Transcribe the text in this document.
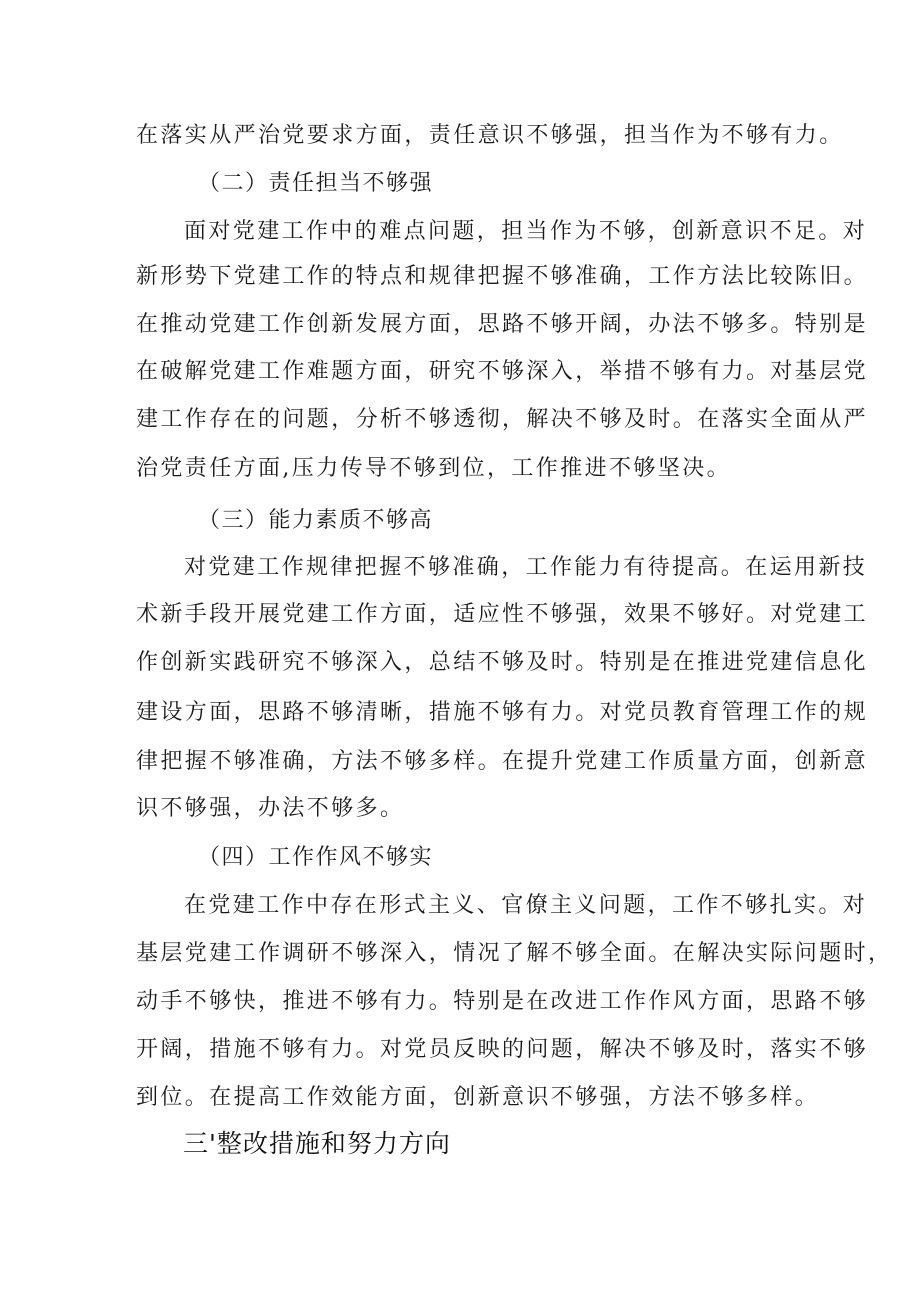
在落实从严治党要求方面，责任意识不够强，担当作为不够有力。
（二）责任担当不够强
面对党建工作中的难点问题，担当作为不够，创新意识不足。对
新形势下党建工作的特点和规律把握不够准确，工作方法比较陈旧。
在推动党建工作创新发展方面，思路不够开阔，办法不够多。特别是
在破解党建工作难题方面，研究不够深入，举措不够有力。对基层党
建工作存在的问题，分析不够透彻，解决不够及时。在落实全面从严
治党责任方面,压力传导不够到位，工作推进不够坚决。
（三）能力素质不够高
对党建工作规律把握不够准确，工作能力有待提高。在运用新技
术新手段开展党建工作方面，适应性不够强，效果不够好。对党建工
作创新实践研究不够深入，总结不够及时。特别是在推进党建信息化
建设方面，思路不够清晰，措施不够有力。对党员教育管理工作的规
律把握不够准确，方法不够多样。在提升党建工作质量方面，创新意
识不够强，办法不够多。
（四）工作作风不够实
在党建工作中存在形式主义、官僚主义问题，工作不够扎实。对
基层党建工作调研不够深入，情况了解不够全面。在解决实际问题时，
动手不够快，推进不够有力。特别是在改进工作作风方面，思路不够
开阔，措施不够有力。对党员反映的问题，解决不够及时，落实不够
到位。在提高工作效能方面，创新意识不够强，方法不够多样。
三'整改措施和努力方向
